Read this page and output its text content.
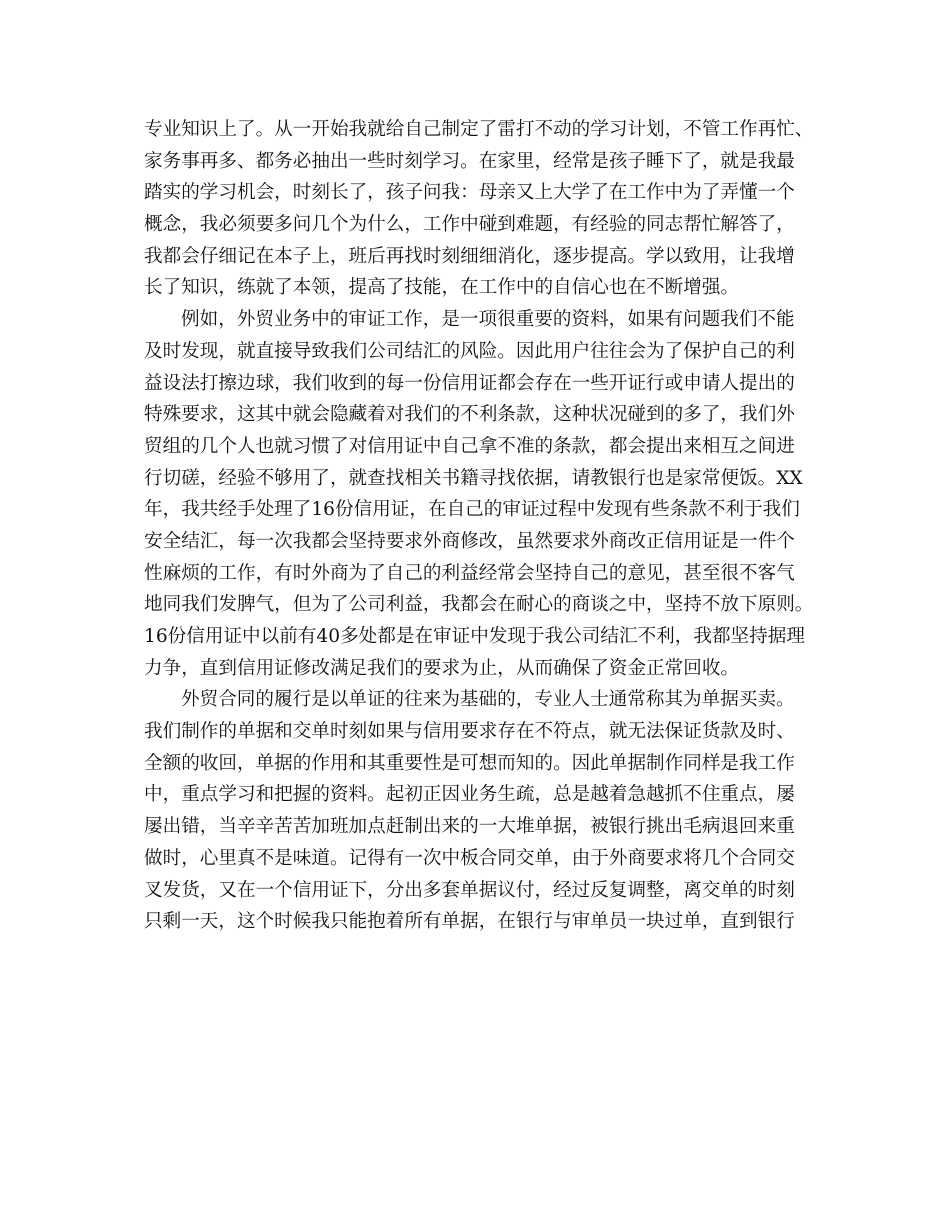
专业知识上了。从一开始我就给自己制定了雷打不动的学习计划，不管工作再忙、
家务事再多、都务必抽出一些时刻学习。在家里，经常是孩子睡下了，就是我最
踏实的学习机会，时刻长了，孩子问我：母亲又上大学了在工作中为了弄懂一个
概念，我必须要多问几个为什么，工作中碰到难题，有经验的同志帮忙解答了，
我都会仔细记在本子上，班后再找时刻细细消化，逐步提高。学以致用，让我增
长了知识，练就了本领，提高了技能，在工作中的自信心也在不断增强。
例如，外贸业务中的审证工作，是一项很重要的资料，如果有问题我们不能
及时发现，就直接导致我们公司结汇的风险。因此用户往往会为了保护自己的利
益设法打擦边球，我们收到的每一份信用证都会存在一些开证行或申请人提出的
特殊要求，这其中就会隐藏着对我们的不利条款，这种状况碰到的多了，我们外
贸组的几个人也就习惯了对信用证中自己拿不准的条款，都会提出来相互之间进
行切磋，经验不够用了，就查找相关书籍寻找依据，请教银行也是家常便饭。XX
年，我共经手处理了16份信用证，在自己的审证过程中发现有些条款不利于我们
安全结汇，每一次我都会坚持要求外商修改，虽然要求外商改正信用证是一件个
性麻烦的工作，有时外商为了自己的利益经常会坚持自己的意见，甚至很不客气
地同我们发脾气，但为了公司利益，我都会在耐心的商谈之中，坚持不放下原则。
16份信用证中以前有40多处都是在审证中发现于我公司结汇不利，我都坚持据理
力争，直到信用证修改满足我们的要求为止，从而确保了资金正常回收。
外贸合同的履行是以单证的往来为基础的，专业人士通常称其为单据买卖。
我们制作的单据和交单时刻如果与信用要求存在不符点，就无法保证货款及时、
全额的收回，单据的作用和其重要性是可想而知的。因此单据制作同样是我工作
中，重点学习和把握的资料。起初正因业务生疏，总是越着急越抓不住重点，屡
屡出错，当辛辛苦苦加班加点赶制出来的一大堆单据，被银行挑出毛病退回来重
做时，心里真不是味道。记得有一次中板合同交单，由于外商要求将几个合同交
叉发货，又在一个信用证下，分出多套单据议付，经过反复调整，离交单的时刻
只剩一天，这个时候我只能抱着所有单据，在银行与审单员一块过单，直到银行
